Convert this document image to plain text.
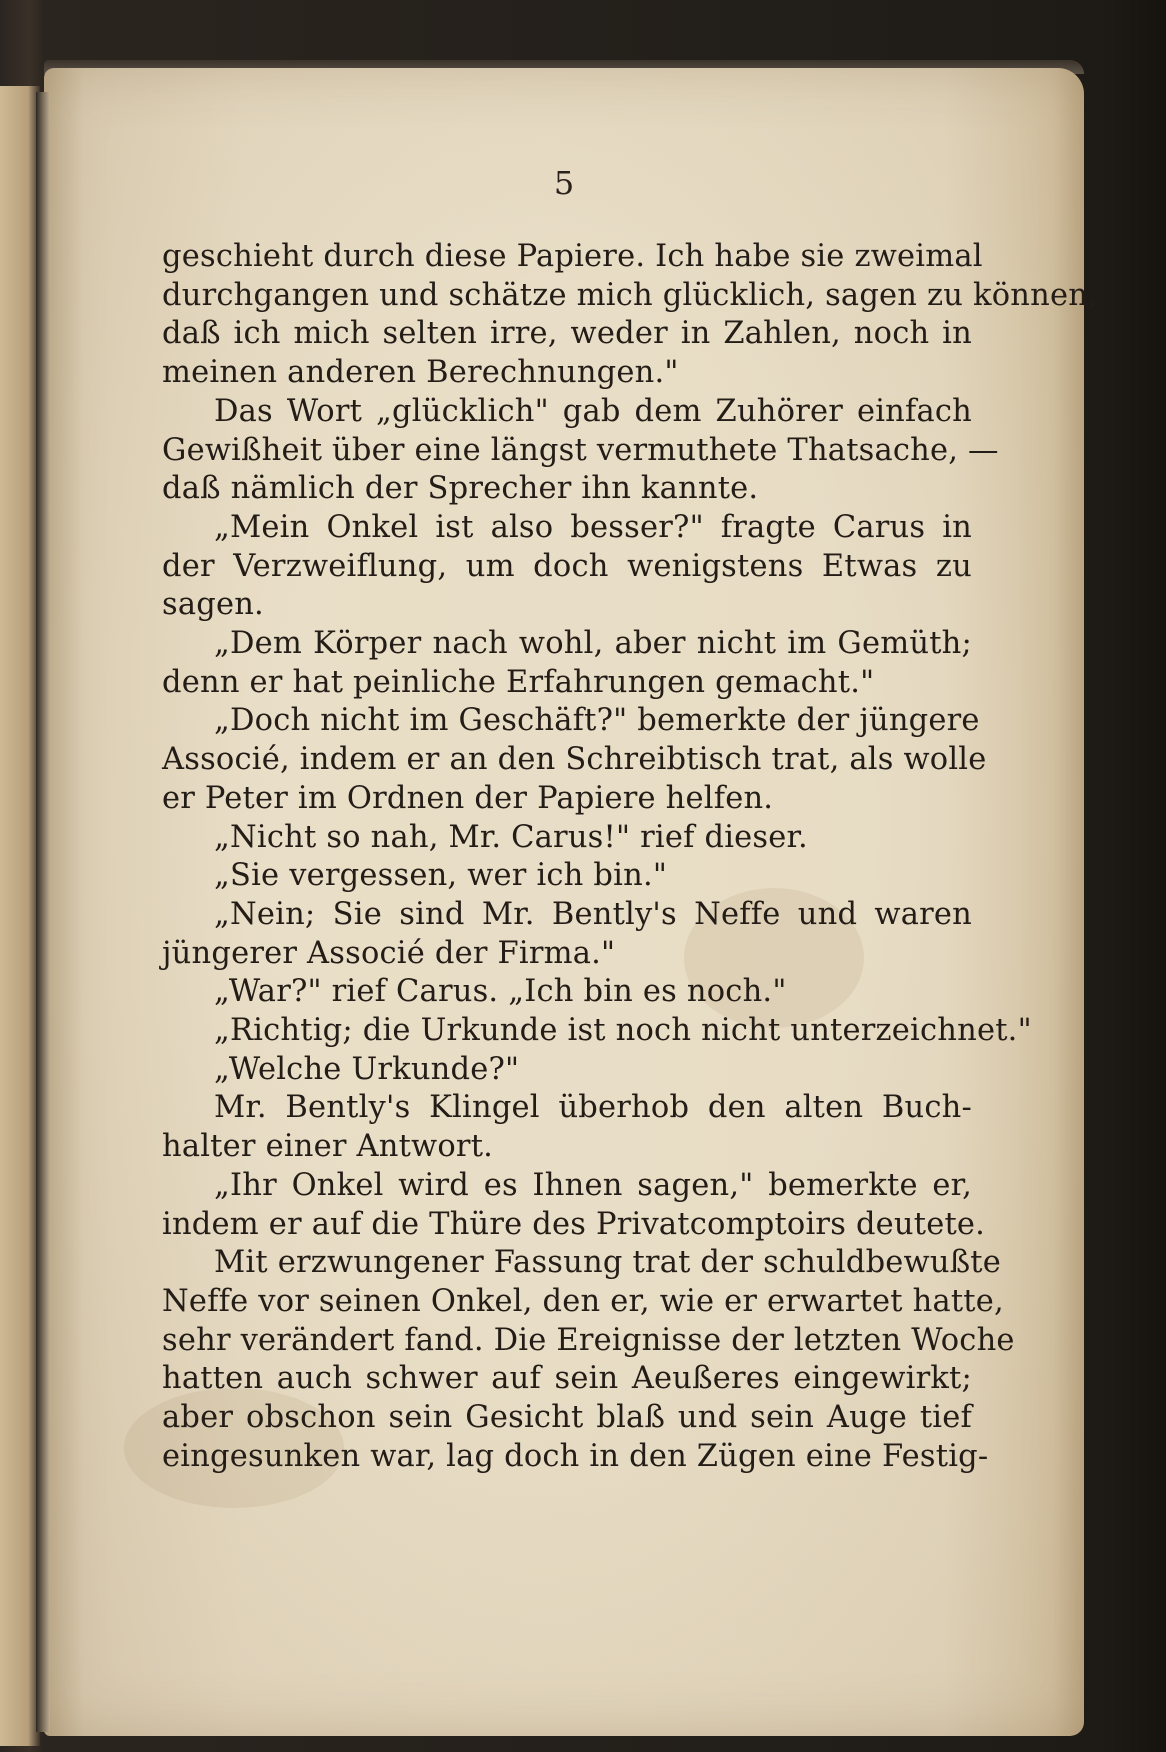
5
geschieht durch diese Papiere. Ich habe sie zweimal
durchgangen und schätze mich glücklich, sagen zu können,
daß ich mich selten irre, weder in Zahlen, noch in
meinen anderen Berechnungen."
Das Wort „glücklich" gab dem Zuhörer einfach
Gewißheit über eine längst vermuthete Thatsache, —
daß nämlich der Sprecher ihn kannte.
„Mein Onkel ist also besser?" fragte Carus in
der Verzweiflung, um doch wenigstens Etwas zu
sagen.
„Dem Körper nach wohl, aber nicht im Gemüth;
denn er hat peinliche Erfahrungen gemacht."
„Doch nicht im Geschäft?" bemerkte der jüngere
Associé, indem er an den Schreibtisch trat, als wolle
er Peter im Ordnen der Papiere helfen.
„Nicht so nah, Mr. Carus!" rief dieser.
„Sie vergessen, wer ich bin."
„Nein; Sie sind Mr. Bently's Neffe und waren
jüngerer Associé der Firma."
„War?" rief Carus. „Ich bin es noch."
„Richtig; die Urkunde ist noch nicht unterzeichnet."
„Welche Urkunde?"
Mr. Bently's Klingel überhob den alten Buch-
halter einer Antwort.
„Ihr Onkel wird es Ihnen sagen," bemerkte er,
indem er auf die Thüre des Privatcomptoirs deutete.
Mit erzwungener Fassung trat der schuldbewußte
Neffe vor seinen Onkel, den er, wie er erwartet hatte,
sehr verändert fand. Die Ereignisse der letzten Woche
hatten auch schwer auf sein Aeußeres eingewirkt;
aber obschon sein Gesicht blaß und sein Auge tief
eingesunken war, lag doch in den Zügen eine Festig-
